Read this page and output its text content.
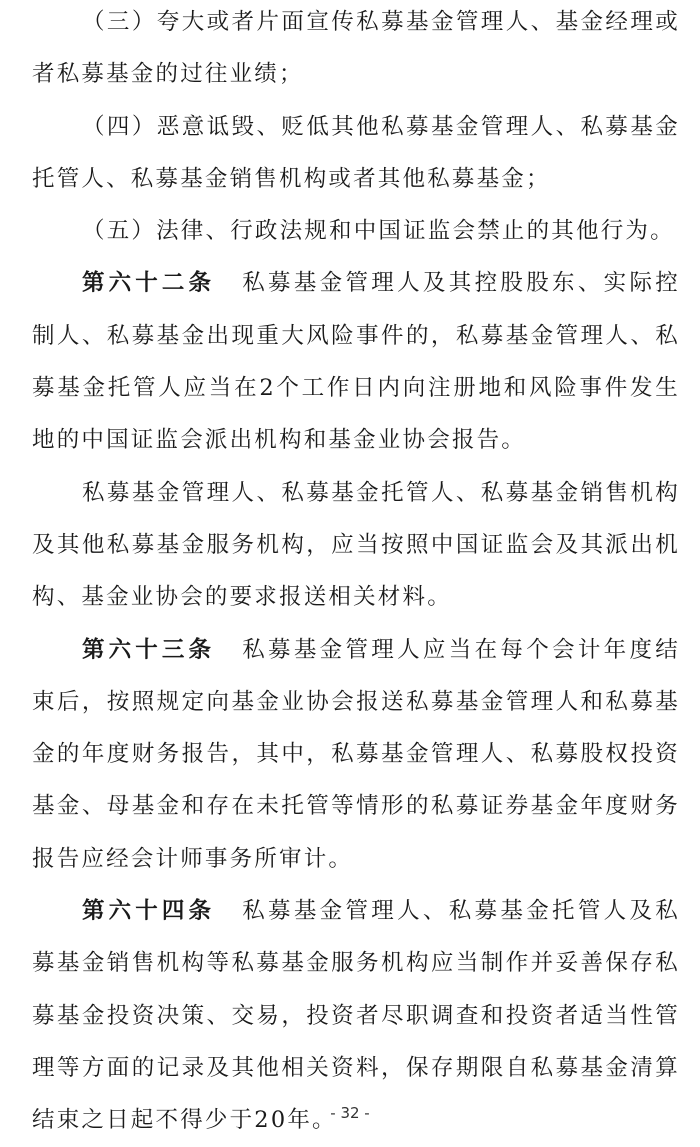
（三）夸大或者片面宣传私募基金管理人、基金经理或者私募基金的过往业绩；

（四）恶意诋毁、贬低其他私募基金管理人、私募基金托管人、私募基金销售机构或者其他私募基金；

（五）法律、行政法规和中国证监会禁止的其他行为。

第六十二条 私募基金管理人及其控股股东、实际控制人、私募基金出现重大风险事件的，私募基金管理人、私募基金托管人应当在2个工作日内向注册地和风险事件发生地的中国证监会派出机构和基金业协会报告。

私募基金管理人、私募基金托管人、私募基金销售机构及其他私募基金服务机构，应当按照中国证监会及其派出机构、基金业协会的要求报送相关材料。

第六十三条 私募基金管理人应当在每个会计年度结束后，按照规定向基金业协会报送私募基金管理人和私募基金的年度财务报告，其中，私募基金管理人、私募股权投资基金、母基金和存在未托管等情形的私募证券基金年度财务报告应经会计师事务所审计。

第六十四条 私募基金管理人、私募基金托管人及私募基金销售机构等私募基金服务机构应当制作并妥善保存私募基金投资决策、交易，投资者尽职调查和投资者适当性管理等方面的记录及其他相关资料，保存期限自私募基金清算结束之日起不得少于20年。

- 32 -
